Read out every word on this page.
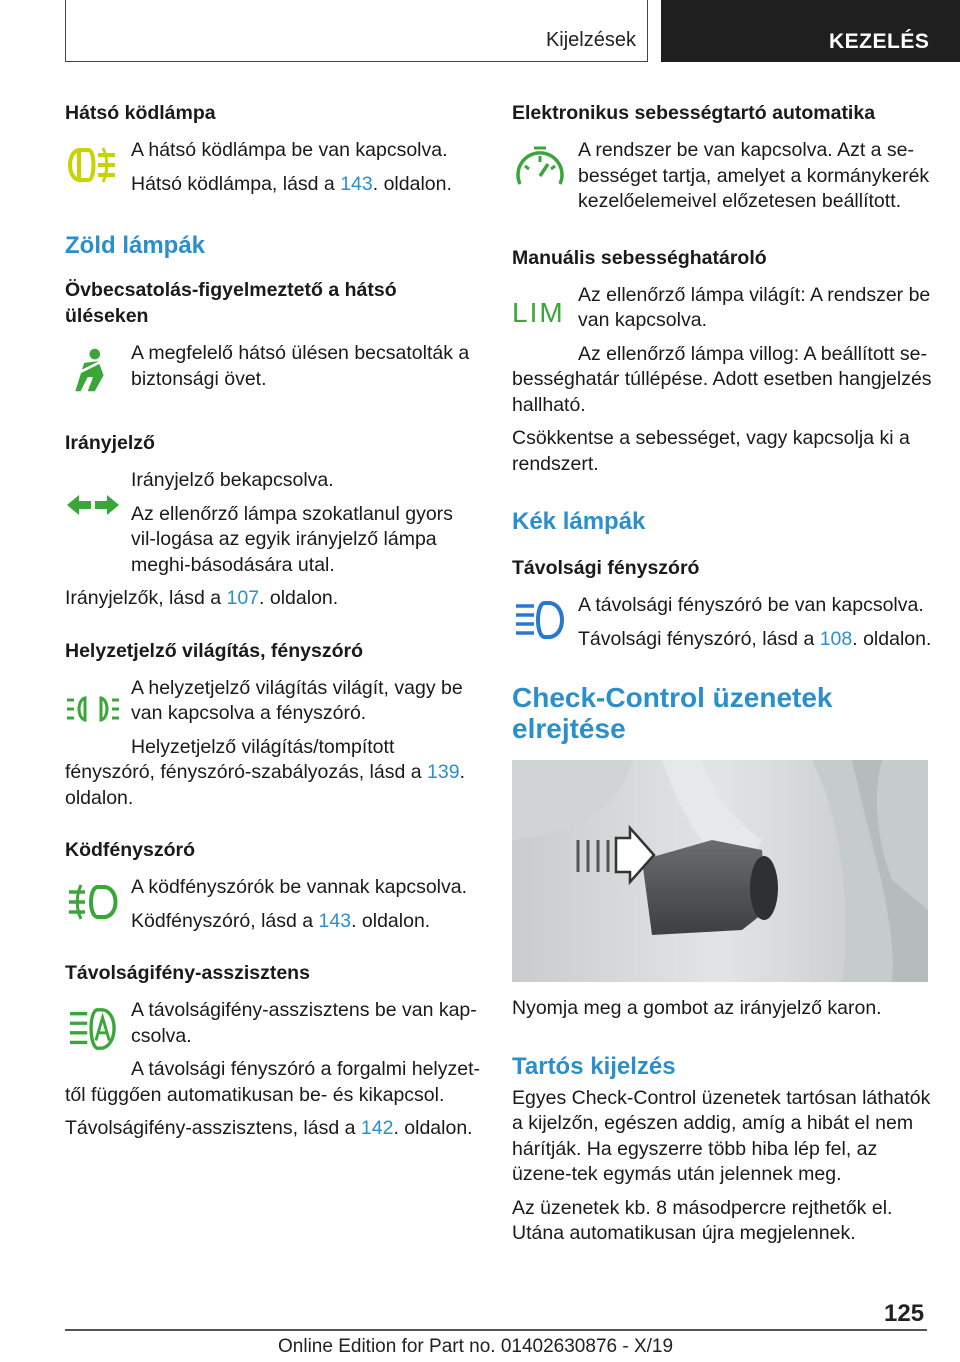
Kijelzések	KEZELÉS

Hátsó ködlámpa

A hátsó ködlámpa be van kapcsolva.

Hátsó ködlámpa, lásd a 143. oldalon.

Zöld lámpák

Övbecsatolás-figyelmeztető a hátsó üléseken

A megfelelő hátsó ülésen becsatolták a biztonsági övet.

Irányjelző

Irányjelző bekapcsolva.

Az ellenőrző lámpa szokatlanul gyors vil-logása az egyik irányjelző lámpa meghi-básodására utal.

Irányjelzők, lásd a 107. oldalon.

Helyzetjelző világítás, fényszóró

A helyzetjelző világítás világít, vagy be van kapcsolva a fényszóró.

Helyzetjelző világítás/tompított fényszóró, fényszóró-szabályozás, lásd a 139. oldalon.

Ködfényszóró

A ködfényszórók be vannak kapcsolva.

Ködfényszóró, lásd a 143. oldalon.

Távolságifény-asszisztens

A távolságifény-asszisztens be van kap-csolva.

A távolsági fényszóró a forgalmi helyzet-től függően automatikusan be- és kikapcsol.

Távolságifény-asszisztens, lásd a 142. oldalon.

Elektronikus sebességtartó automatika

A rendszer be van kapcsolva. Azt a se-bességet tartja, amelyet a kormánykerék kezelőelemeivel előzetesen beállított.

Manuális sebességhatároló

LIM

Az ellenőrző lámpa világít: A rendszer be van kapcsolva.

Az ellenőrző lámpa villog: A beállított se-bességhatár túllépése. Adott esetben hangjelzés hallható.

Csökkentse a sebességet, vagy kapcsolja ki a rendszert.

Kék lámpák

Távolsági fényszóró

A távolsági fényszóró be van kapcsolva.

Távolsági fényszóró, lásd a 108. oldalon.

Check-Control üzenetek elrejtése

Nyomja meg a gombot az irányjelző karon.

Tartós kijelzés

Egyes Check-Control üzenetek tartósan láthatók a kijelzőn, egészen addig, amíg a hibát el nem hárítják. Ha egyszerre több hiba lép fel, az üzene-tek egymás után jelennek meg.

Az üzenetek kb. 8 másodpercre rejthetők el. Utána automatikusan újra megjelennek.

125
Online Edition for Part no. 01402630876 - X/19
